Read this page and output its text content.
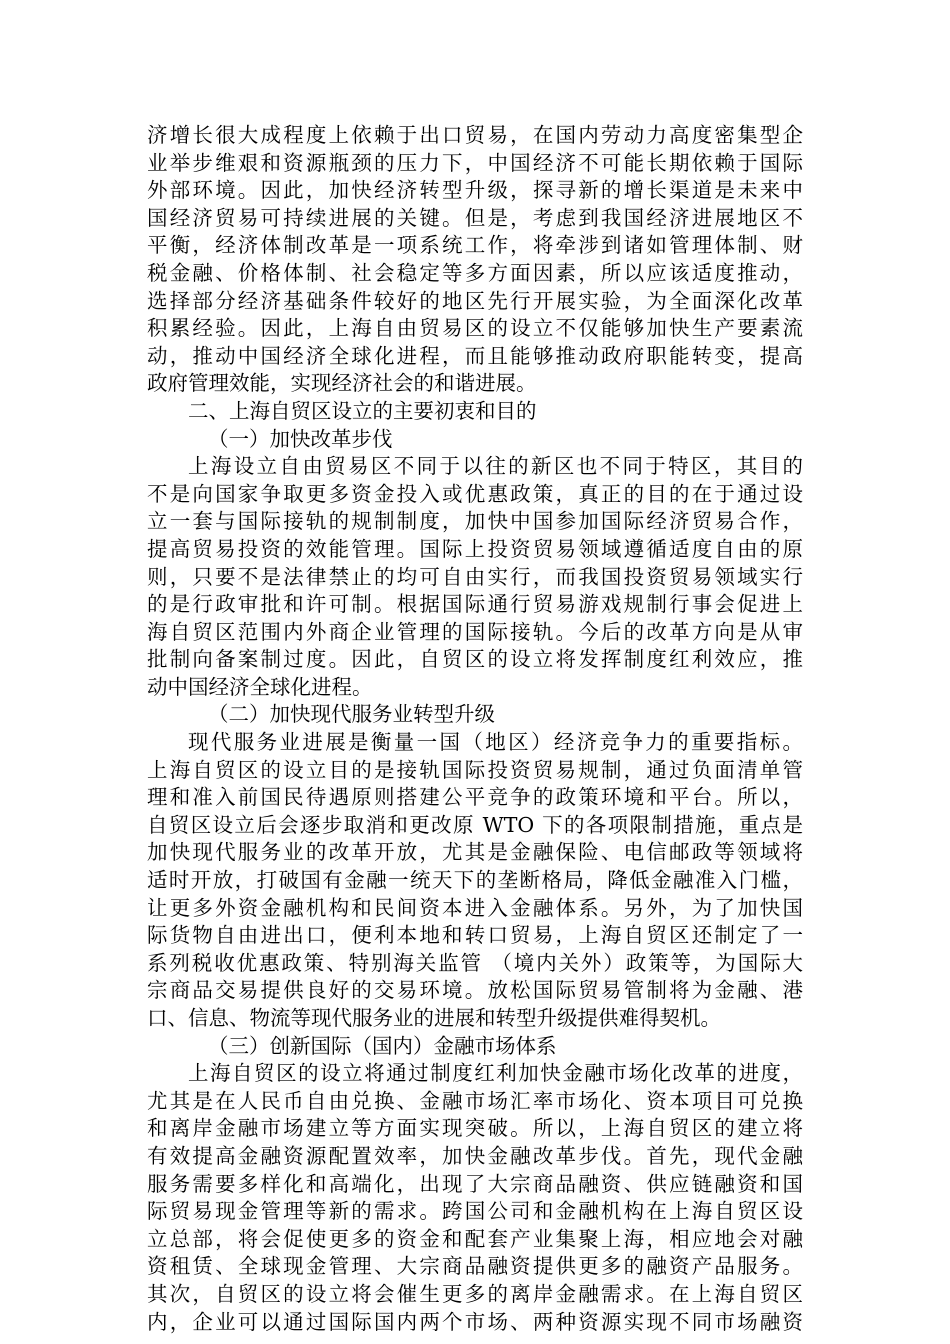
济增长很大成程度上依赖于出口贸易，在国内劳动力高度密集型企
业举步维艰和资源瓶颈的压力下，中国经济不可能长期依赖于国际
外部环境。因此，加快经济转型升级，探寻新的增长渠道是未来中
国经济贸易可持续进展的关键。但是，考虑到我国经济进展地区不
平衡，经济体制改革是一项系统工作，将牵涉到诸如管理体制、财
税金融、价格体制、社会稳定等多方面因素，所以应该适度推动，
选择部分经济基础条件较好的地区先行开展实验，为全面深化改革
积累经验。因此，上海自由贸易区的设立不仅能够加快生产要素流
动，推动中国经济全球化进程，而且能够推动政府职能转变，提高
政府管理效能，实现经济社会的和谐进展。
二、上海自贸区设立的主要初衷和目的
（一）加快改革步伐
上海设立自由贸易区不同于以往的新区也不同于特区，其目的
不是向国家争取更多资金投入或优惠政策，真正的目的在于通过设
立一套与国际接轨的规制制度，加快中国参加国际经济贸易合作，
提高贸易投资的效能管理。国际上投资贸易领域遵循适度自由的原
则，只要不是法律禁止的均可自由实行，而我国投资贸易领域实行
的是行政审批和许可制。根据国际通行贸易游戏规制行事会促进上
海自贸区范围内外商企业管理的国际接轨。今后的改革方向是从审
批制向备案制过度。因此，自贸区的设立将发挥制度红利效应，推
动中国经济全球化进程。
（二）加快现代服务业转型升级
现代服务业进展是衡量一国（地区）经济竞争力的重要指标。
上海自贸区的设立目的是接轨国际投资贸易规制，通过负面清单管
理和准入前国民待遇原则搭建公平竞争的政策环境和平台。所以，
自贸区设立后会逐步取消和更改原 WTO 下的各项限制措施，重点是
加快现代服务业的改革开放，尤其是金融保险、电信邮政等领域将
适时开放，打破国有金融一统天下的垄断格局，降低金融准入门槛，
让更多外资金融机构和民间资本进入金融体系。另外，为了加快国
际货物自由进出口，便利本地和转口贸易，上海自贸区还制定了一
系列税收优惠政策、特别海关监管 （境内关外）政策等，为国际大
宗商品交易提供良好的交易环境。放松国际贸易管制将为金融、港
口、信息、物流等现代服务业的进展和转型升级提供难得契机。
（三）创新国际（国内）金融市场体系
上海自贸区的设立将通过制度红利加快金融市场化改革的进度，
尤其是在人民币自由兑换、金融市场汇率市场化、资本项目可兑换
和离岸金融市场建立等方面实现突破。所以，上海自贸区的建立将
有效提高金融资源配置效率，加快金融改革步伐。首先，现代金融
服务需要多样化和高端化，出现了大宗商品融资、供应链融资和国
际贸易现金管理等新的需求。跨国公司和金融机构在上海自贸区设
立总部，将会促使更多的资金和配套产业集聚上海，相应地会对融
资租赁、全球现金管理、大宗商品融资提供更多的融资产品服务。
其次，自贸区的设立将会催生更多的离岸金融需求。在上海自贸区
内，企业可以通过国际国内两个市场、两种资源实现不同市场融资
